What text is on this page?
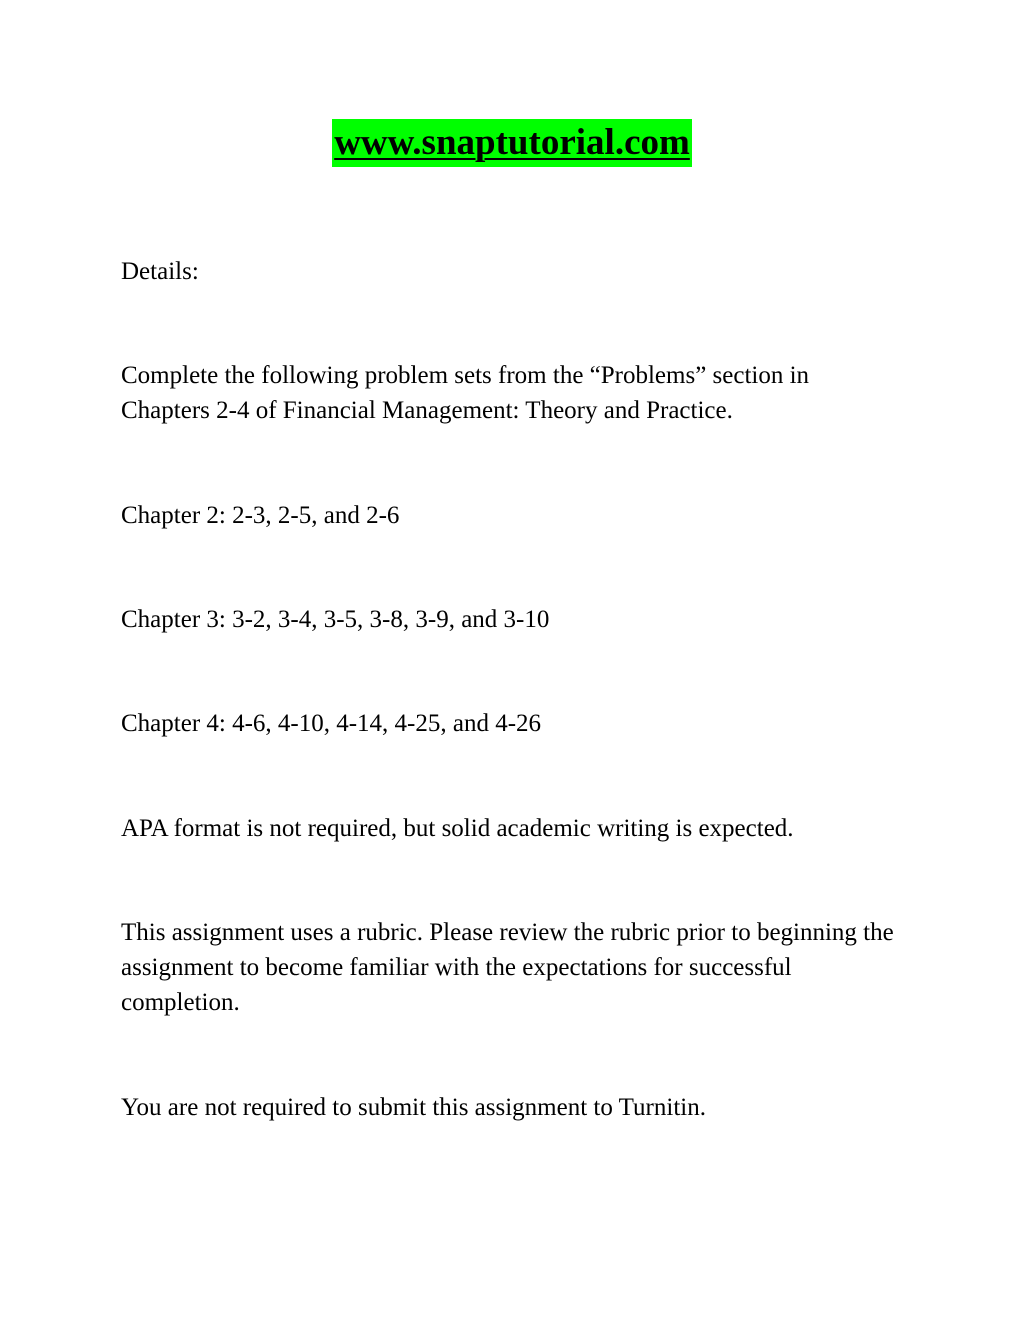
www.snaptutorial.com

Details:

Complete the following problem sets from the “Problems” section in Chapters 2-4 of Financial Management: Theory and Practice.

Chapter 2: 2-3, 2-5, and 2-6

Chapter 3: 3-2, 3-4, 3-5, 3-8, 3-9, and 3-10

Chapter 4: 4-6, 4-10, 4-14, 4-25, and 4-26

APA format is not required, but solid academic writing is expected.

This assignment uses a rubric. Please review the rubric prior to beginning the assignment to become familiar with the expectations for successful completion.

You are not required to submit this assignment to Turnitin.
